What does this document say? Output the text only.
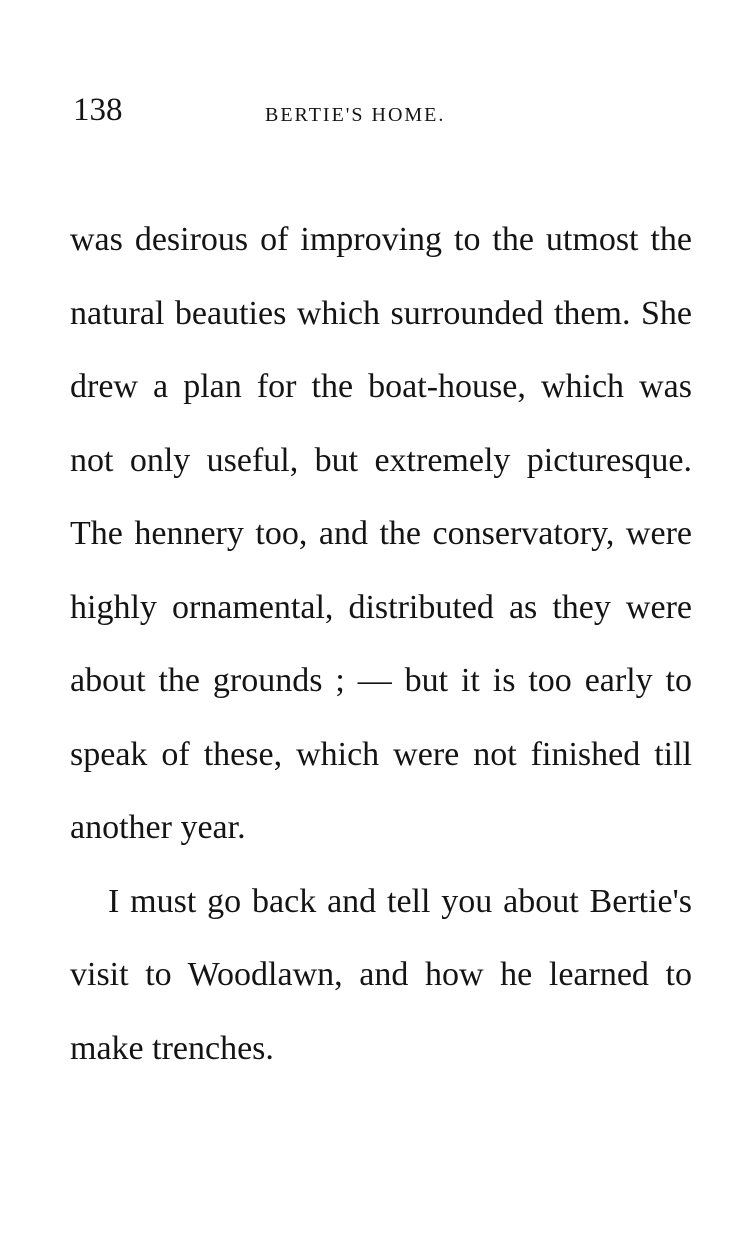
138	BERTIE'S HOME.

was desirous of improving to the utmost the natural beauties which surrounded them. She drew a plan for the boat-house, which was not only useful, but extremely picturesque. The hennery too, and the conservatory, were highly ornamental, distributed as they were about the grounds ; — but it is too early to speak of these, which were not finished till another year.

I must go back and tell you about Bertie's visit to Woodlawn, and how he learned to make trenches.
